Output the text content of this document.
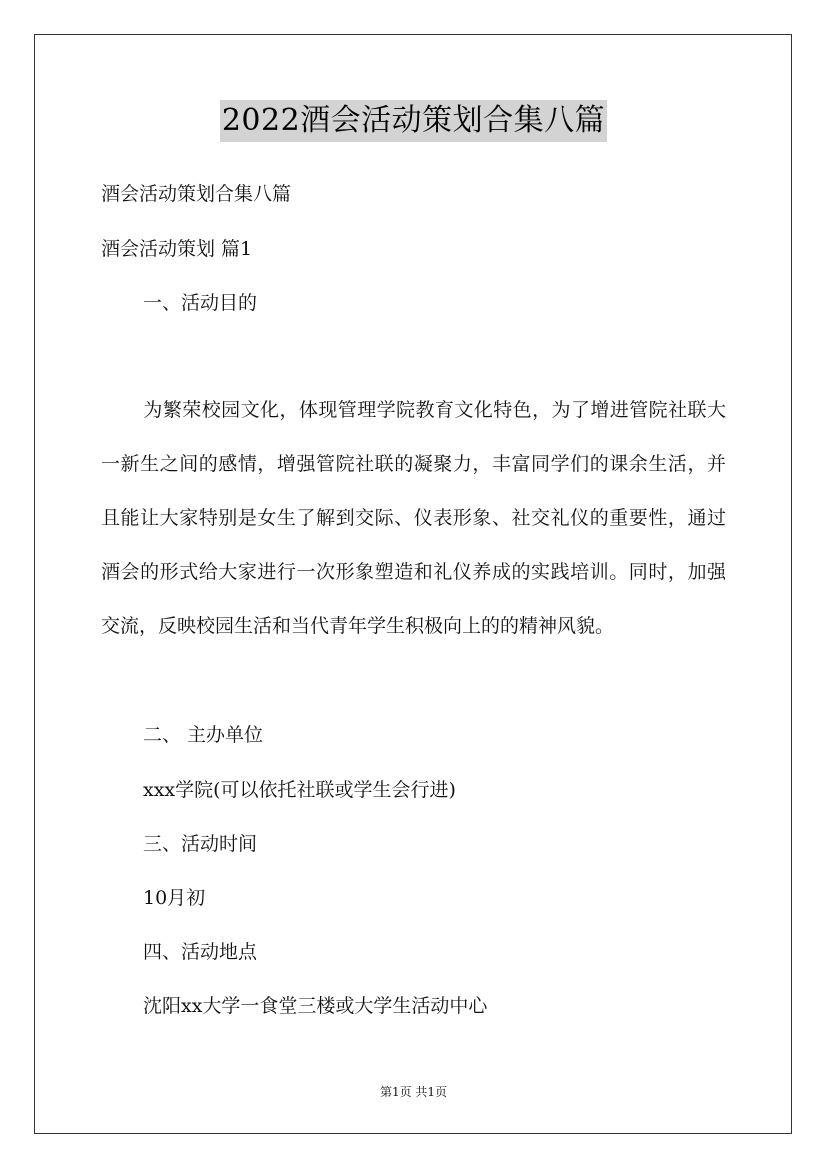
2022酒会活动策划合集八篇
酒会活动策划合集八篇
酒会活动策划 篇1
一、活动目的
为繁荣校园文化，体现管理学院教育文化特色，为了增进管院社联大一新生之间的感情，增强管院社联的凝聚力，丰富同学们的课余生活，并且能让大家特别是女生了解到交际、仪表形象、社交礼仪的重要性，通过酒会的形式给大家进行一次形象塑造和礼仪养成的实践培训。同时，加强交流，反映校园生活和当代青年学生积极向上的的精神风貌。
二、 主办单位
xxx学院(可以依托社联或学生会行进)
三、活动时间
10月初
四、活动地点
沈阳xx大学一食堂三楼或大学生活动中心
第1页 共1页
